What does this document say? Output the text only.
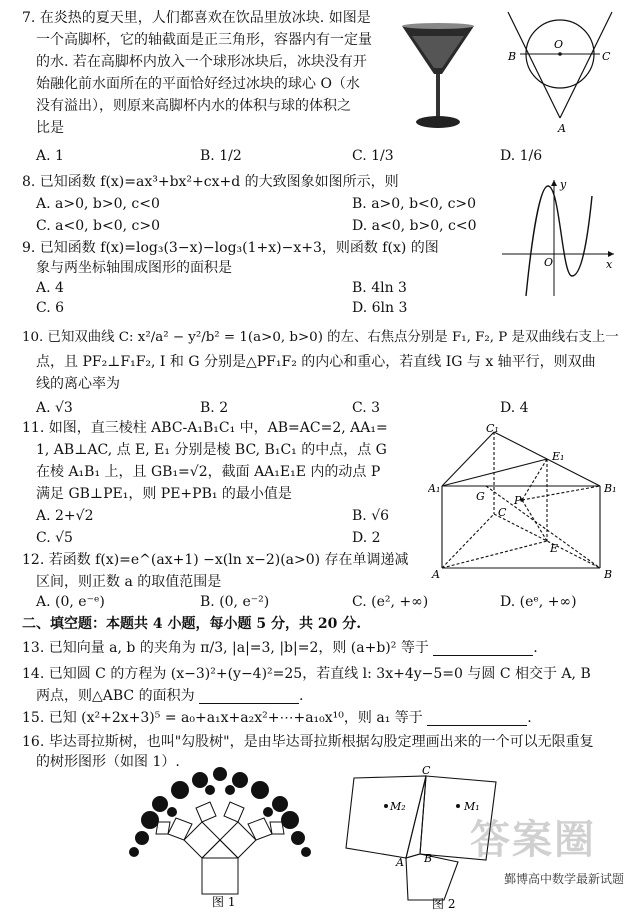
7. 在炎热的夏天里，人们都喜欢在饮品里放冰块. 如图是
一个高脚杯，它的轴截面是正三角形，容器内有一定量
的水. 若在高脚杯内放入一个球形冰块后，冰块没有开
始融化前水面所在的平面恰好经过冰块的球心 O（水
没有溢出），则原来高脚杯内水的体积与球的体积之
比是
A. 1	B. 1/2	C. 1/3	D. 1/6
O
B	C
A
8. 已知函数 f(x)=ax³+bx²+cx+d 的大致图象如图所示，则
A. a>0, b>0, c<0	B. a>0, b<0, c>0
C. a<0, b<0, c>0	D. a<0, b>0, c<0
y
O	x
9. 已知函数 f(x)=log₃(3−x)−log₃(1+x)−x+3，则函数 f(x) 的图
象与两坐标轴围成图形的面积是
A. 4	B. 4ln 3
C. 6	D. 6ln 3
10. 已知双曲线 C: x²/a² − y²/b² = 1(a>0, b>0) 的左、右焦点分别是 F₁, F₂, P 是双曲线右支上一
点，且 PF₂⊥F₁F₂, I 和 G 分别是△PF₁F₂ 的内心和重心，若直线 IG 与 x 轴平行，则双曲
线的离心率为
A. √3	B. 2	C. 3	D. 4
11. 如图，直三棱柱 ABC-A₁B₁C₁ 中，AB=AC=2, AA₁=
1, AB⊥AC, 点 E, E₁ 分别是棱 BC, B₁C₁ 的中点，点 G
在棱 A₁B₁ 上，且 GB₁=√2，截面 AA₁E₁E 内的动点 P
满足 GB⊥PE₁，则 PE+PB₁ 的最小值是
A. 2+√2	B. √6
C. √5	D. 2
C₁
E₁
A₁
G
B₁
P
C
E
A	B
12. 若函数 f(x)=e^(ax+1) −x(ln x−2)(a>0) 存在单调递减
区间，则正数 a 的取值范围是
A. (0, e⁻ᵉ)	B. (0, e⁻²)	C. (e², +∞)	D. (eᵉ, +∞)
二、填空题：本题共 4 小题，每小题 5 分，共 20 分.
13. 已知向量 a, b 的夹角为 π/3, |a|=3, |b|=2，则 (a+b)² 等于	.
14. 已知圆 C 的方程为 (x−3)²+(y−4)²=25，若直线 l: 3x+4y−5=0 与圆 C 相交于 A, B
两点，则△ABC 的面积为	.
15. 已知 (x²+2x+3)⁵ = a₀+a₁x+a₂x²+⋯+a₁₀x¹⁰，则 a₁ 等于	.
16. 毕达哥拉斯树，也叫"勾股树"，是由毕达哥拉斯根据勾股定理画出来的一个可以无限重复
的树形图形（如图 1）.
图 1
C
M₂	M₁
A B
图 2
答案圈
鄞博高中数学最新试题
